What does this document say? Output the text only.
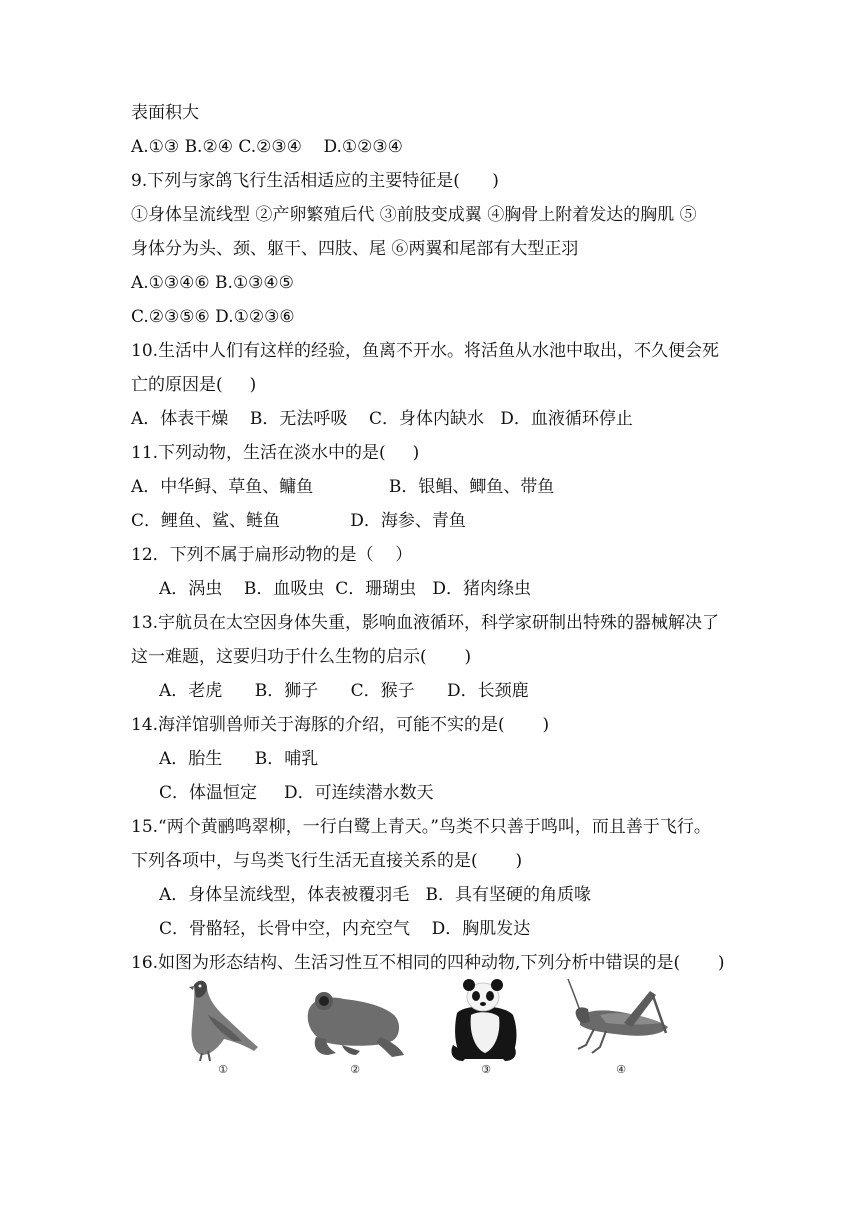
表面积大
A.①③ B.②④ C.②③④    D.①②③④
9.下列与家鸽飞行生活相适应的主要特征是(      )
①身体呈流线型 ②产卵繁殖后代 ③前肢变成翼 ④胸骨上附着发达的胸肌 ⑤
身体分为头、颈、躯干、四肢、尾 ⑥两翼和尾部有大型正羽
A.①③④⑥ B.①③④⑤
C.②③⑤⑥ D.①②③⑥
10.生活中人们有这样的经验，鱼离不开水。将活鱼从水池中取出，不久便会死
亡的原因是(     )
A．体表干燥    B．无法呼吸    C．身体内缺水   D．血液循环停止
11.下列动物，生活在淡水中的是(     )
A．中华鲟、草鱼、鳙鱼              B．银鲳、鲫鱼、带鱼
C．鲤鱼、鲨、鲢鱼             D．海参、青鱼
12．下列不属于扁形动物的是（    ）
A．涡虫    B．血吸虫  C．珊瑚虫   D．猪肉绦虫
13.宇航员在太空因身体失重，影响血液循环，科学家研制出特殊的器械解决了
这一难题，这要归功于什么生物的启示(       )
A．老虎      B．狮子      C．猴子      D．长颈鹿
14.海洋馆驯兽师关于海豚的介绍，可能不实的是(       )
A．胎生      B．哺乳
C．体温恒定     D．可连续潜水数天
15.“两个黄鹂鸣翠柳，一行白鹭上青天。”鸟类不只善于鸣叫，而且善于飞行。
下列各项中，与鸟类飞行生活无直接关系的是(       )
A．身体呈流线型，体表被覆羽毛   B．具有坚硬的角质喙
C．骨骼轻，长骨中空，内充空气    D．胸肌发达
16.如图为形态结构、生活习性互不相同的四种动物,下列分析中错误的是(       )
①	②	③	④
